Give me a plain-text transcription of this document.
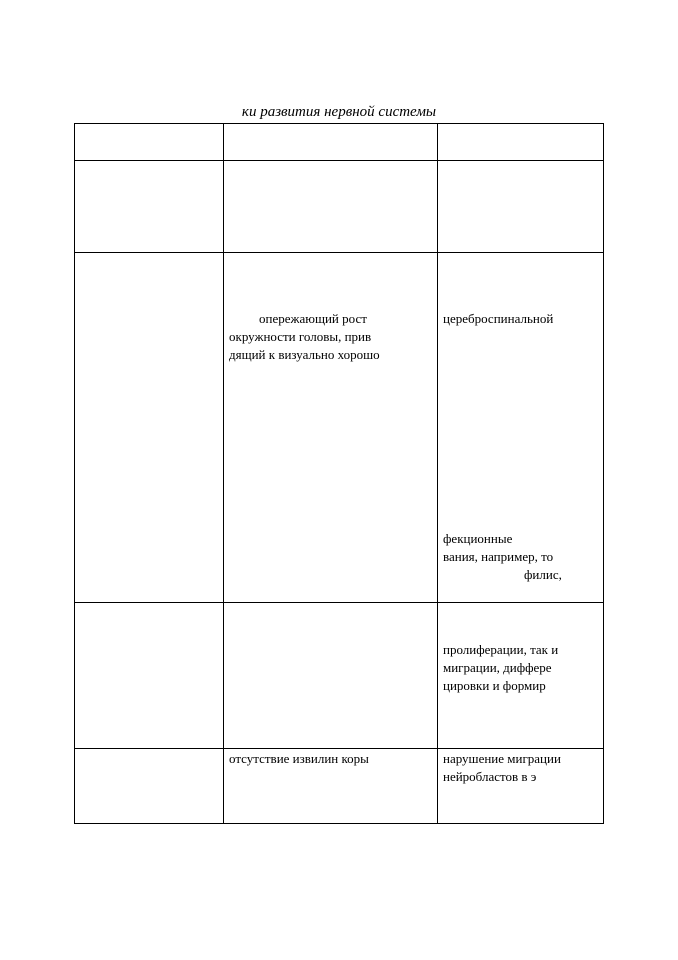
ки развития нервной системы
опережающий рост
окружности головы, прив
дящий к визуально хорошо
цереброспинальной
фекционные
вания, например, то
филис,
пролиферации, так и
миграции, диффере
цировки и формир
отсутствие извилин коры	нарушение миграции
нейробластов в э
